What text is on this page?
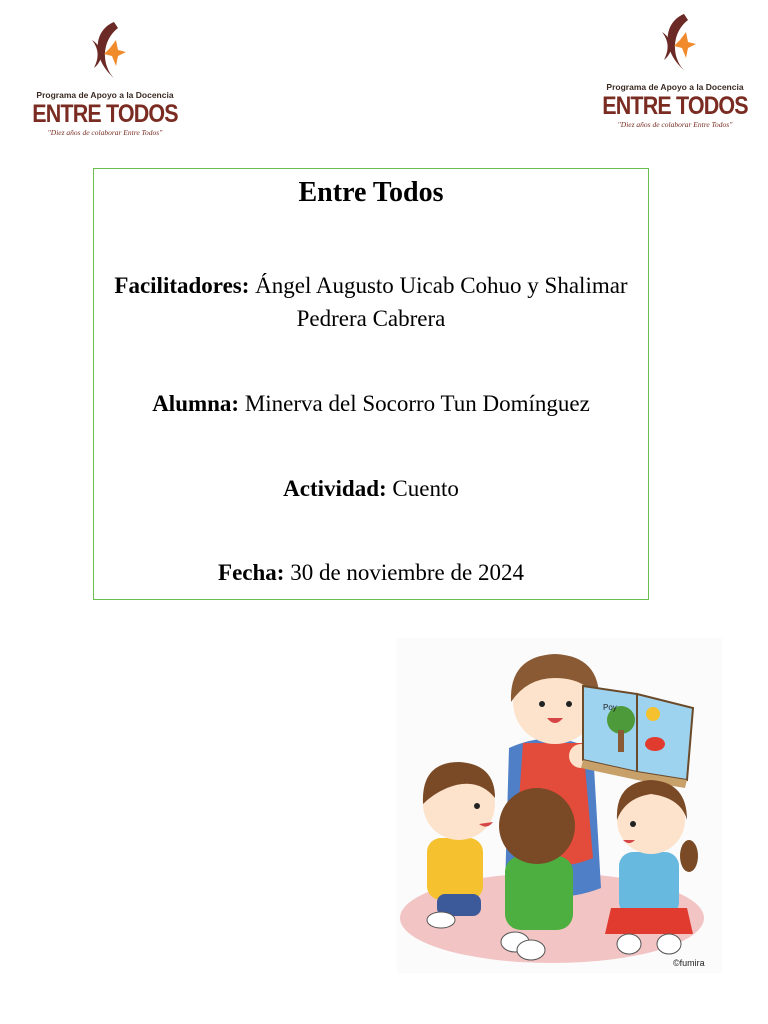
Programa de Apoyo a la Docencia
ENTRE TODOS
"Diez años de colaborar Entre Todos"
Programa de Apoyo a la Docencia
ENTRE TODOS
"Diez años de colaborar Entre Todos"
Entre Todos
Facilitadores: Ángel Augusto Uicab Cohuo y Shalimar Pedrera Cabrera
Alumna: Minerva del Socorro Tun Domínguez
Actividad: Cuento
Fecha: 30 de noviembre de 2024
Poy
©fumira
